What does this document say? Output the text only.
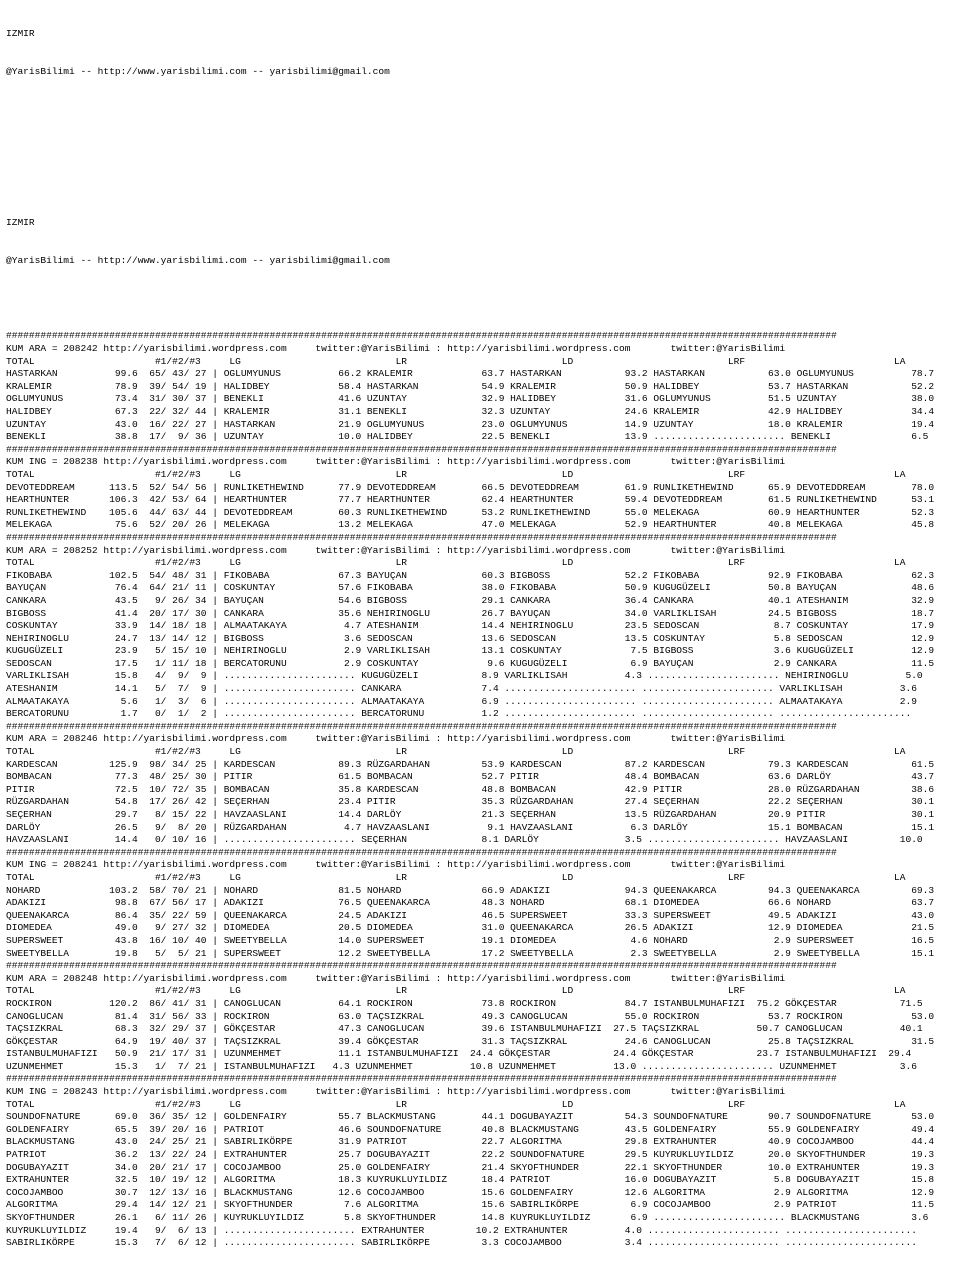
IZMIR

@YarisBilimi -- http://www.yarisbilimi.com -- yarisbilimi@gmail.com

IZMIR

@YarisBilimi -- http://www.yarisbilimi.com -- yarisbilimi@gmail.com

#################################################################################################################################################
KUM ARA = 208242 http://yarisbilimi.wordpress.com     twitter:@YarisBilimi : http://yarisbilimi.wordpress.com       twitter:@YarisBilimi
TOTAL                     #1/#2/#3     LG                           LR                           LD                           LRF                          LA
HASTARKAN          99.6  65/ 43/ 27 | OGLUMYUNUS          66.2 KRALEMIR            63.7 HASTARKAN           93.2 HASTARKAN           63.0 OGLUMYUNUS          78.7
KRALEMIR           78.9  39/ 54/ 19 | HALIDBEY            58.4 HASTARKAN           54.9 KRALEMIR            50.9 HALIDBEY            53.7 HASTARKAN           52.2
OGLUMYUNUS         73.4  31/ 30/ 37 | BENEKLI             41.6 UZUNTAY             32.9 HALIDBEY            31.6 OGLUMYUNUS          51.5 UZUNTAY             38.0
HALIDBEY           67.3  22/ 32/ 44 | KRALEMIR            31.1 BENEKLI             32.3 UZUNTAY             24.6 KRALEMIR            42.9 HALIDBEY            34.4
UZUNTAY            43.0  16/ 22/ 27 | HASTARKAN           21.9 OGLUMYUNUS          23.0 OGLUMYUNUS          14.9 UZUNTAY             18.0 KRALEMIR            19.4
BENEKLI            38.8  17/  9/ 36 | UZUNTAY             10.0 HALIDBEY            22.5 BENEKLI             13.9 ....................... BENEKLI              6.5
#################################################################################################################################################
KUM ING = 208238 http://yarisbilimi.wordpress.com     twitter:@YarisBilimi : http://yarisbilimi.wordpress.com       twitter:@YarisBilimi
TOTAL                     #1/#2/#3     LG                           LR                           LD                           LRF                          LA
DEVOTEDDREAM      113.5  52/ 54/ 56 | RUNLIKETHEWIND      77.9 DEVOTEDDREAM        66.5 DEVOTEDDREAM        61.9 RUNLIKETHEWIND      65.9 DEVOTEDDREAM        78.0
HEARTHUNTER       106.3  42/ 53/ 64 | HEARTHUNTER         77.7 HEARTHUNTER         62.4 HEARTHUNTER         59.4 DEVOTEDDREAM        61.5 RUNLIKETHEWIND      53.1
RUNLIKETHEWIND    105.6  44/ 63/ 44 | DEVOTEDDREAM        60.3 RUNLIKETHEWIND      53.2 RUNLIKETHEWIND      55.0 MELEKAGA            60.9 HEARTHUNTER         52.3
MELEKAGA           75.6  52/ 20/ 26 | MELEKAGA            13.2 MELEKAGA            47.0 MELEKAGA            52.9 HEARTHUNTER         40.8 MELEKAGA            45.8
#################################################################################################################################################
KUM ARA = 208252 http://yarisbilimi.wordpress.com     twitter:@YarisBilimi : http://yarisbilimi.wordpress.com       twitter:@YarisBilimi
TOTAL                     #1/#2/#3     LG                           LR                           LD                           LRF                          LA
FIKOBABA          102.5  54/ 48/ 31 | FIKOBABA            67.3 BAYUÇAN             60.3 BIGBOSS             52.2 FIKOBABA            92.9 FIKOBABA            62.3
BAYUÇAN            76.4  64/ 21/ 11 | COSKUNTAY           57.6 FIKOBABA            38.0 FIKOBABA            50.9 KUGUGÜZELI          50.8 BAYUÇAN             48.6
CANKARA            43.5   9/ 26/ 34 | BAYUÇAN             54.6 BIGBOSS             29.1 CANKARA             36.4 CANKARA             40.1 ATESHANIM           32.9
BIGBOSS            41.4  20/ 17/ 30 | CANKARA             35.6 NEHIRINOGLU         26.7 BAYUÇAN             34.0 VARLIKLISAH         24.5 BIGBOSS             18.7
COSKUNTAY          33.9  14/ 18/ 18 | ALMAATAKAYA          4.7 ATESHANIM           14.4 NEHIRINOGLU         23.5 SEDOSCAN             8.7 COSKUNTAY           17.9
NEHIRINOGLU        24.7  13/ 14/ 12 | BIGBOSS              3.6 SEDOSCAN            13.6 SEDOSCAN            13.5 COSKUNTAY            5.8 SEDOSCAN            12.9
KUGUGÜZELI         23.9   5/ 15/ 10 | NEHIRINOGLU          2.9 VARLIKLISAH         13.1 COSKUNTAY            7.5 BIGBOSS              3.6 KUGUGÜZELI          12.9
SEDOSCAN           17.5   1/ 11/ 18 | BERCATORUNU          2.9 COSKUNTAY            9.6 KUGUGÜZELI           6.9 BAYUÇAN              2.9 CANKARA             11.5
VARLIKLISAH        15.8   4/  9/  9 | ....................... KUGUGÜZELI           8.9 VARLIKLISAH          4.3 ....................... NEHIRINOGLU          5.0
ATESHANIM          14.1   5/  7/  9 | ....................... CANKARA              7.4 ....................... ....................... VARLIKLISAH          3.6
ALMAATAKAYA         5.6   1/  3/  6 | ....................... ALMAATAKAYA          6.9 ....................... ....................... ALMAATAKAYA          2.9
BERCATORUNU         1.7   0/  1/  2 | ....................... BERCATORUNU          1.2 ....................... ....................... .......................
#################################################################################################################################################
KUM ARA = 208246 http://yarisbilimi.wordpress.com     twitter:@YarisBilimi : http://yarisbilimi.wordpress.com       twitter:@YarisBilimi
TOTAL                     #1/#2/#3     LG                           LR                           LD                           LRF                          LA
KARDESCAN         125.9  98/ 34/ 25 | KARDESCAN           89.3 RÜZGARDAHAN         53.9 KARDESCAN           87.2 KARDESCAN           79.3 KARDESCAN           61.5
BOMBACAN           77.3  48/ 25/ 30 | PITIR               61.5 BOMBACAN            52.7 PITIR               48.4 BOMBACAN            63.6 DARLÖY              43.7
PITIR              72.5  10/ 72/ 35 | BOMBACAN            35.8 KARDESCAN           48.8 BOMBACAN            42.9 PITIR               28.0 RÜZGARDAHAN         38.6
RÜZGARDAHAN        54.8  17/ 26/ 42 | SEÇERHAN            23.4 PITIR               35.3 RÜZGARDAHAN         27.4 SEÇERHAN            22.2 SEÇERHAN            30.1
SEÇERHAN           29.7   8/ 15/ 22 | HAVZAASLANI         14.4 DARLÖY              21.3 SEÇERHAN            13.5 RÜZGARDAHAN         20.9 PITIR               30.1
DARLÖY             26.5   9/  8/ 20 | RÜZGARDAHAN          4.7 HAVZAASLANI          9.1 HAVZAASLANI          6.3 DARLÖY              15.1 BOMBACAN            15.1
HAVZAASLANI        14.4   0/ 10/ 16 | ....................... SEÇERHAN             8.1 DARLÖY               3.5 ....................... HAVZAASLANI         10.0
#################################################################################################################################################
KUM ING = 208241 http://yarisbilimi.wordpress.com     twitter:@YarisBilimi : http://yarisbilimi.wordpress.com       twitter:@YarisBilimi
TOTAL                     #1/#2/#3     LG                           LR                           LD                           LRF                          LA
NOHARD            103.2  58/ 70/ 21 | NOHARD              81.5 NOHARD              66.9 ADAKIZI             94.3 QUEENAKARCA         94.3 QUEENAKARCA         69.3
ADAKIZI            98.8  67/ 56/ 17 | ADAKIZI             76.5 QUEENAKARCA         48.3 NOHARD              68.1 DIOMEDEA            66.6 NOHARD              63.7
QUEENAKARCA        86.4  35/ 22/ 59 | QUEENAKARCA         24.5 ADAKIZI             46.5 SUPERSWEET          33.3 SUPERSWEET          49.5 ADAKIZI             43.0
DIOMEDEA           49.0   9/ 27/ 32 | DIOMEDEA            20.5 DIOMEDEA            31.0 QUEENAKARCA         26.5 ADAKIZI             12.9 DIOMEDEA            21.5
SUPERSWEET         43.8  16/ 10/ 40 | SWEETYBELLA         14.0 SUPERSWEET          19.1 DIOMEDEA             4.6 NOHARD               2.9 SUPERSWEET          16.5
SWEETYBELLA        19.8   5/  5/ 21 | SUPERSWEET          12.2 SWEETYBELLA         17.2 SWEETYBELLA          2.3 SWEETYBELLA          2.9 SWEETYBELLA         15.1
#################################################################################################################################################
KUM ARA = 208248 http://yarisbilimi.wordpress.com     twitter:@YarisBilimi : http://yarisbilimi.wordpress.com       twitter:@YarisBilimi
TOTAL                     #1/#2/#3     LG                           LR                           LD                           LRF                          LA
ROCKIRON          120.2  86/ 41/ 31 | CANOGLUCAN          64.1 ROCKIRON            73.8 ROCKIRON            84.7 ISTANBULMUHAFIZI  75.2 GÖKÇESTAR           71.5
CANOGLUCAN         81.4  31/ 56/ 33 | ROCKIRON            63.0 TAÇSIZKRAL          49.3 CANOGLUCAN          55.0 ROCKIRON            53.7 ROCKIRON            53.0
TAÇSIZKRAL         68.3  32/ 29/ 37 | GÖKÇESTAR           47.3 CANOGLUCAN          39.6 ISTANBULMUHAFIZI  27.5 TAÇSIZKRAL          50.7 CANOGLUCAN          40.1
GÖKÇESTAR          64.9  19/ 40/ 37 | TAÇSIZKRAL          39.4 GÖKÇESTAR           31.3 TAÇSIZKRAL          24.6 CANOGLUCAN          25.8 TAÇSIZKRAL          31.5
ISTANBULMUHAFIZI   50.9  21/ 17/ 31 | UZUNMEHMET          11.1 ISTANBULMUHAFIZI  24.4 GÖKÇESTAR           24.4 GÖKÇESTAR           23.7 ISTANBULMUHAFIZI  29.4
UZUNMEHMET         15.3   1/  7/ 21 | ISTANBULMUHAFIZI   4.3 UZUNMEHMET          10.8 UZUNMEHMET          13.0 ....................... UZUNMEHMET           3.6
#################################################################################################################################################
KUM ING = 208243 http://yarisbilimi.wordpress.com     twitter:@YarisBilimi : http://yarisbilimi.wordpress.com       twitter:@YarisBilimi
TOTAL                     #1/#2/#3     LG                           LR                           LD                           LRF                          LA
SOUNDOFNATURE      69.0  36/ 35/ 12 | GOLDENFAIRY         55.7 BLACKMUSTANG        44.1 DOGUBAYAZIT         54.3 SOUNDOFNATURE       90.7 SOUNDOFNATURE       53.0
GOLDENFAIRY        65.5  39/ 20/ 16 | PATRIOT             46.6 SOUNDOFNATURE       40.8 BLACKMUSTANG        43.5 GOLDENFAIRY         55.9 GOLDENFAIRY         49.4
BLACKMUSTANG       43.0  24/ 25/ 21 | SABIRLIKÖRPE        31.9 PATRIOT             22.7 ALGORITMA           29.8 EXTRAHUNTER         40.9 COCOJAMBOO          44.4
PATRIOT            36.2  13/ 22/ 24 | EXTRAHUNTER         25.7 DOGUBAYAZIT         22.2 SOUNDOFNATURE       29.5 KUYRUKLUYILDIZ      20.0 SKYOFTHUNDER        19.3
DOGUBAYAZIT        34.0  20/ 21/ 17 | COCOJAMBOO          25.0 GOLDENFAIRY         21.4 SKYOFTHUNDER        22.1 SKYOFTHUNDER        10.0 EXTRAHUNTER         19.3
EXTRAHUNTER        32.5  10/ 19/ 12 | ALGORITMA           18.3 KUYRUKLUYILDIZ      18.4 PATRIOT             16.0 DOGUBAYAZIT          5.8 DOGUBAYAZIT         15.8
COCOJAMBOO         30.7  12/ 13/ 16 | BLACKMUSTANG        12.6 COCOJAMBOO          15.6 GOLDENFAIRY         12.6 ALGORITMA            2.9 ALGORITMA           12.9
ALGORITMA          29.4  14/ 12/ 21 | SKYOFTHUNDER         7.6 ALGORITMA           15.6 SABIRLIKÖRPE         6.9 COCOJAMBOO           2.9 PATRIOT             11.5
SKYOFTHUNDER       26.1   6/ 11/ 26 | KUYRUKLUYILDIZ       5.8 SKYOFTHUNDER        14.8 KUYRUKLUYILDIZ       6.9 ....................... BLACKMUSTANG         3.6
KUYRUKLUYILDIZ     19.4   9/  6/ 13 | ....................... EXTRAHUNTER         10.2 EXTRAHUNTER          4.0 ....................... .......................
SABIRLIKÖRPE       15.3   7/  6/ 12 | ....................... SABIRLIKÖRPE         3.3 COCOJAMBOO           3.4 ....................... .......................
